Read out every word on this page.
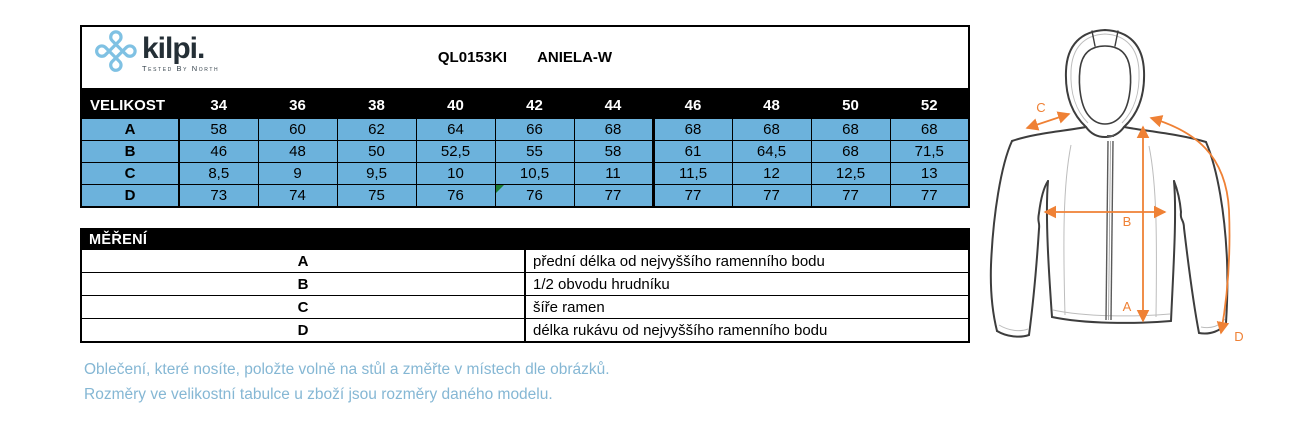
⌘
kilpi.
Tested By North
QL0153KI ANIELA-W
VELIKOST	34	36	38	40	42	44	46	48	50	52
A	58	60	62	64	66	68	68	68	68	68
B	46	48	50	52,5	55	58	61	64,5	68	71,5
C	8,5	9	9,5	10	10,5	11	11,5	12	12,5	13
D	73	74	75	76	76	77	77	77	77	77
MĚŘENÍ	
A	přední délka od nejvyššího ramenního bodu
B	1/2 obvodu hrudníku
C	šíře ramen
D	délka rukávu od nejvyššího ramenního bodu
Oblečení, které nosíte, položte volně na stůl a změřte v místech dle obrázků.
Rozměry ve velikostní tabulce u zboží jsou rozměry daného modelu.
A
B
C
D
